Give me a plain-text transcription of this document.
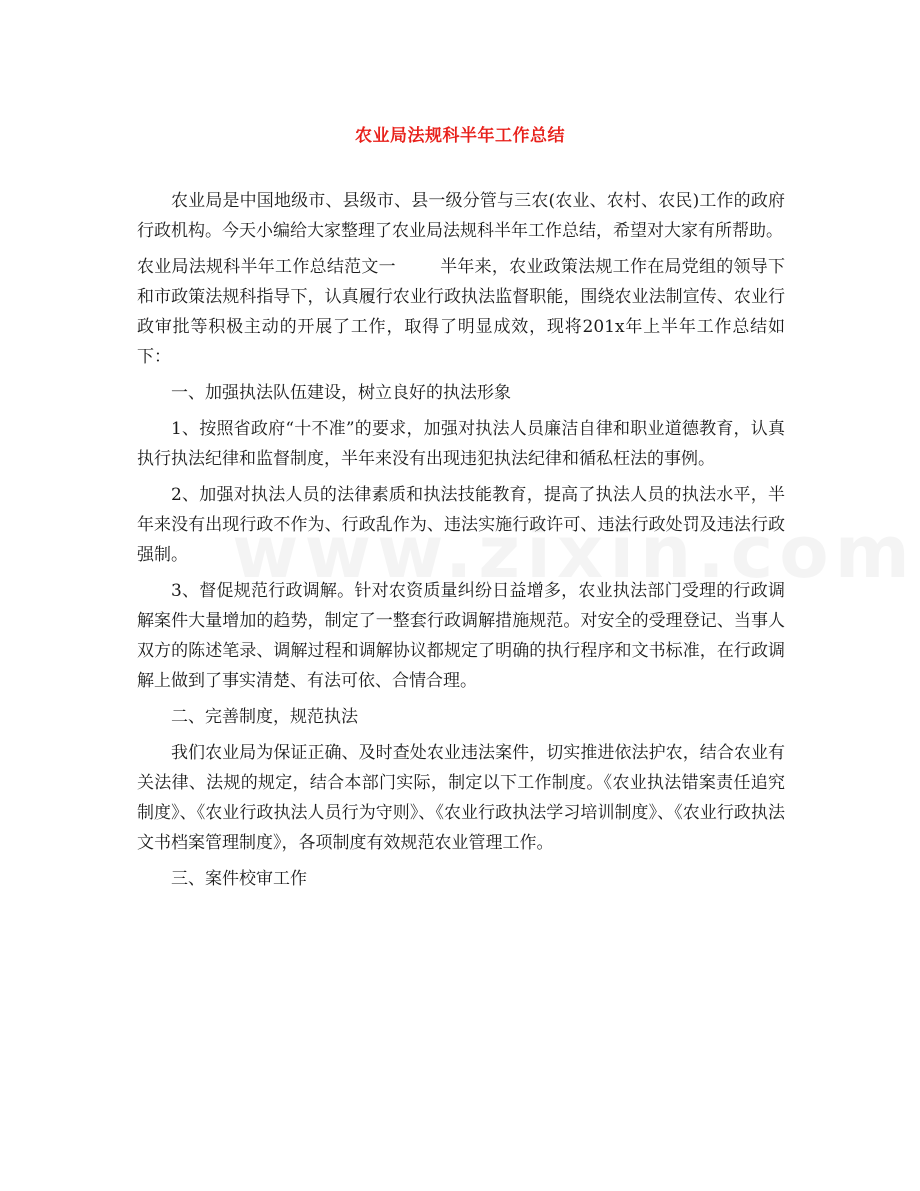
农业局法规科半年工作总结

农业局是中国地级市、县级市、县一级分管与三农(农业、农村、农民)工作的政府行政机构。今天小编给大家整理了农业局法规科半年工作总结，希望对大家有所帮助。

农业局法规科半年工作总结范文一	半年来，农业政策法规工作在局党组的领导下和市政策法规科指导下，认真履行农业行政执法监督职能，围绕农业法制宣传、农业行政审批等积极主动的开展了工作，取得了明显成效，现将201x年上半年工作总结如下：

一、加强执法队伍建设，树立良好的执法形象

1、按照省政府“十不准”的要求，加强对执法人员廉洁自律和职业道德教育，认真执行执法纪律和监督制度，半年来没有出现违犯执法纪律和循私枉法的事例。

2、加强对执法人员的法律素质和执法技能教育，提高了执法人员的执法水平，半年来没有出现行政不作为、行政乱作为、违法实施行政许可、违法行政处罚及违法行政强制。

3、督促规范行政调解。针对农资质量纠纷日益增多，农业执法部门受理的行政调解案件大量增加的趋势，制定了一整套行政调解措施规范。对安全的受理登记、当事人双方的陈述笔录、调解过程和调解协议都规定了明确的执行程序和文书标准，在行政调解上做到了事实清楚、有法可依、合情合理。

二、完善制度，规范执法

我们农业局为保证正确、及时查处农业违法案件，切实推进依法护农，结合农业有关法律、法规的规定，结合本部门实际，制定以下工作制度。《农业执法错案责任追究制度》、《农业行政执法人员行为守则》、《农业行政执法学习培训制度》、《农业行政执法文书档案管理制度》，各项制度有效规范农业管理工作。

三、案件校审工作
